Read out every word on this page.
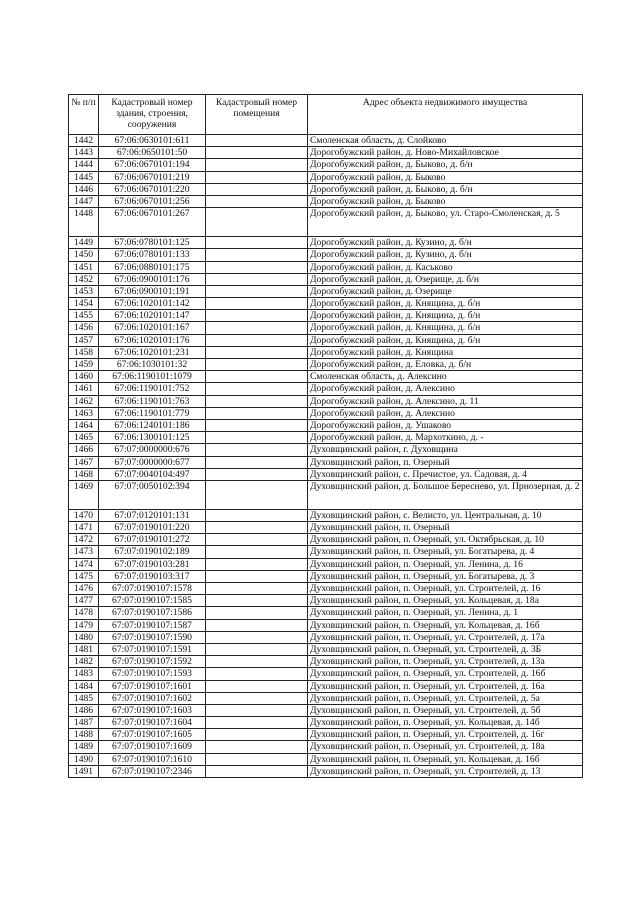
№ п/п	Кадастровый номер здания, строения, сооружения	Кадастровый номер помещения	Адрес объекта недвижимого имущества
1442	67:06:0630101:611		Смоленская область, д. Слойково
1443	67:06:0650101:50		Дорогобужский район, д. Ново-Михайловское
1444	67:06:0670101:194		Дорогобужский район, д. Быково, д. б/н
1445	67:06:0670101:219		Дорогобужский район, д. Быково
1446	67:06:0670101:220		Дорогобужский район, д. Быково, д. б/н
1447	67:06:0670101:256		Дорогобужский район, д. Быково
1448	67:06:0670101:267		Дорогобужский район, д. Быково, ул. Старо-Смоленская, д. 5
1449	67:06:0780101:125		Дорогобужский район, д. Кузино, д. б/н
1450	67:06:0780101:133		Дорогобужский район, д. Кузино, д. б/н
1451	67:06:0880101:175		Дорогобужский район, д. Каськово
1452	67:06:0900101:176		Дорогобужский район, д. Озерище, д. б/н
1453	67:06:0900101:191		Дорогобужский район, д. Озерище
1454	67:06:1020101:142		Дорогобужский район, д. Княщина, д. б/н
1455	67:06:1020101:147		Дорогобужский район, д. Княщина, д. б/н
1456	67:06:1020101:167		Дорогобужский район, д. Княщина, д. б/н
1457	67:06:1020101:176		Дорогобужский район, д. Княщина, д. б/н
1458	67:06:1020101:231		Дорогобужский район, д. Княщина
1459	67:06:1030101:32		Дорогобужский район, д. Еловка, д. б/н
1460	67:06:1190101:1079		Смоленская область, д. Алексино
1461	67:06:1190101:752		Дорогобужский район, д. Алексино
1462	67:06:1190101:763		Дорогобужский район, д. Алексино, д. 11
1463	67:06:1190101:779		Дорогобужский район, д. Алексино
1464	67:06:1240101:186		Дорогобужский район, д. Ушаково
1465	67:06:1300101:125		Дорогобужский район, д. Мархоткино, д. -
1466	67:07:0000000:676		Духовщинский район, г. Духовщина
1467	67:07:0000000:677		Духовщинский район, п. Озерный
1468	67:07:0040104:497		Духовщинский район, с. Пречистое, ул. Садовая, д. 4
1469	67:07:0050102:394		Духовщинский район, д. Большое Береснево, ул. Прнозерная, д. 2
1470	67:07:0120101:131		Духовщинский район, с. Велисто, ул. Центральная, д. 10
1471	67:07:0190101:220		Духовщинский район, п. Озерный
1472	67:07:0190101:272		Духовщинский район, п. Озерный, ул. Октябрьская, д. 10
1473	67:07:0190102:189		Духовщинский район, п. Озерный, ул. Богатырева, д. 4
1474	67:07:0190103:281		Духовщинский район, п. Озерный, ул. Ленина, д. 16
1475	67:07:0190103:317		Духовщинский район, п. Озерный, ул. Богатырева, д. 3
1476	67:07:0190107:1578		Духовщинский район, п. Озерный, ул. Строителей, д. 16
1477	67:07:0190107:1585		Духовщинский район, п. Озерный, ул. Кольцевая, д. 18а
1478	67:07:0190107:1586		Духовщинский район, п. Озерный, ул. Ленина, д. 1
1479	67:07:0190107:1587		Духовщинский район, п. Озерный, ул. Кольцевая, д. 16б
1480	67:07:0190107:1590		Духовщинский район, п. Озерный, ул. Строителей, д. 17а
1481	67:07:0190107:1591		Духовщинский район, п. Озерный, ул. Строителей, д. 3Б
1482	67:07:0190107:1592		Духовщинский район, п. Озерный, ул. Строителей, д. 13а
1483	67:07:0190107:1593		Духовщинский район, п. Озерный, ул. Строителей, д. 16б
1484	67:07:0190107:1601		Духовщинский район, п. Озерный, ул. Строителей, д. 16а
1485	67:07:0190107:1602		Духовщинский район, п. Озерный, ул. Строителей, д. 5а
1486	67:07:0190107:1603		Духовщинский район, п. Озерный, ул. Строителей, д. 5б
1487	67:07:0190107:1604		Духовщинский район, п. Озерный, ул. Кольцевая, д. 14б
1488	67:07:0190107:1605		Духовщинский район, п. Озерный, ул. Строителей, д. 16г
1489	67:07:0190107:1609		Духовщинский район, п. Озерный, ул. Строителей, д. 18а
1490	67:07:0190107:1610		Духовщинский район, п. Озерный, ул. Кольцевая, д. 16б
1491	67:07:0190107:2346		Духовщинский район, п. Озерный, ул. Строителей, д. 13
